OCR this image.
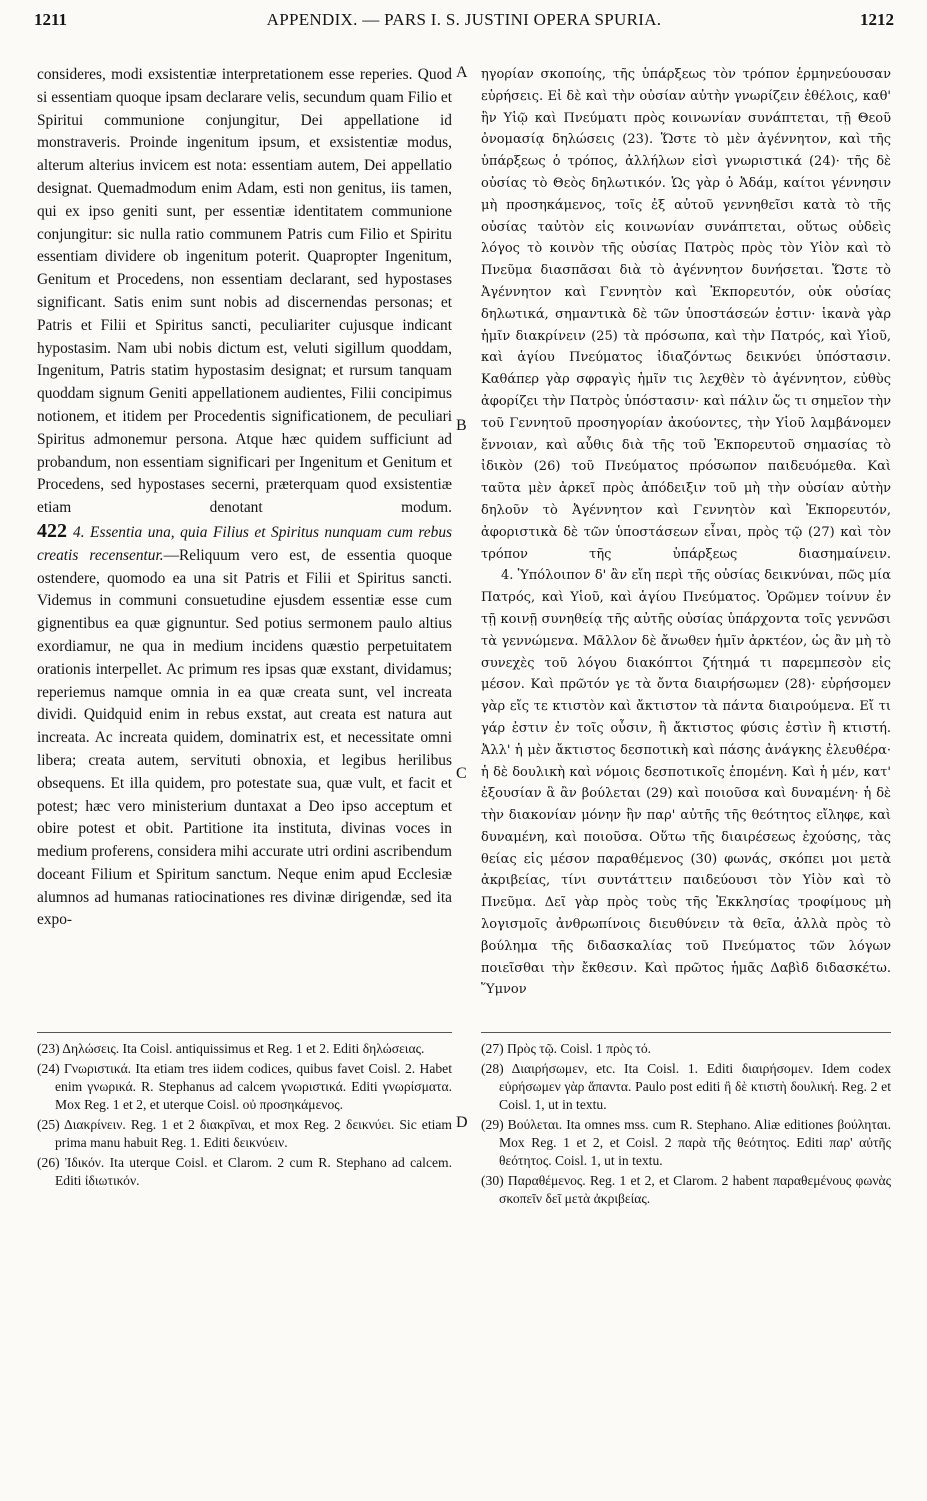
1211	APPENDIX. — PARS I. S. JUSTINI OPERA SPURIA.	1212

consideres, modi exsistentiæ interpretationem esse reperies. Quod si essentiam quoque ipsam declarare velis, secundum quam Filio et Spiritui communione conjungitur, Dei appellatione id monstraveris. Proinde ingenitum ipsum, et exsistentiæ modus, alterum alterius invicem est nota: essentiam autem, Dei appellatio designat. Quemadmodum enim Adam, esti non genitus, iis tamen, qui ex ipso geniti sunt, per essentiæ identitatem communione conjungitur: sic nulla ratio communem Patris cum Filio et Spiritu essentiam dividere ob ingenitum poterit. Quapropter Ingenitum, Genitum et Procedens, non essentiam declarant, sed hypostases significant. Satis enim sunt nobis ad discernendas personas; et Patris et Filii et Spiritus sancti, peculiariter cujusque indicant hypostasim. Nam ubi nobis dictum est, veluti sigillum quoddam, Ingenitum, Patris statim hypostasim designat; et rursum tanquam quoddam signum Geniti appellationem audientes, Filii concipimus notionem, et itidem per Procedentis significationem, de peculiari Spiritus admonemur persona. Atque hæc quidem sufficiunt ad probandum, non essentiam significari per Ingenitum et Genitum et Procedens, sed hypostases secerni, præterquam quod exsistentiæ etiam denotant modum.

422 4. Essentia una, quia Filius et Spiritus nunquam cum rebus creatis recensentur.—Reliquum vero est, de essentia quoque ostendere, quomodo ea una sit Patris et Filii et Spiritus sancti. Videmus in communi consuetudine ejusdem essentiæ esse cum gignentibus ea quæ gignuntur. Sed potius sermonem paulo altius exordiamur, ne qua in medium incidens quæstio perpetuitatem orationis interpellet. Ac primum res ipsas quæ exstant, dividamus; reperiemus namque omnia in ea quæ creata sunt, vel increata dividi. Quidquid enim in rebus exstat, aut creata est natura aut increata. Ac increata quidem, dominatrix est, et necessitate omni libera; creata autem, servituti obnoxia, et legibus herilibus obsequens. Et illa quidem, pro potestate sua, quæ vult, et facit et potest; hæc vero ministerium duntaxat a Deo ipso acceptum et obire potest et obit. Partitione ita instituta, divinas voces in medium proferens, considera mihi accurate utri ordini ascribendum doceant Filium et Spiritum sanctum. Neque enim apud Ecclesiæ alumnos ad humanas ratiocinationes res divinæ dirigendæ, sed ita expo-

A
B
C
D

ηγορίαν σκοποίης, τῆς ὑπάρξεως τὸν τρόπον ἑρμηνεύουσαν εὑρήσεις. Εἰ δὲ καὶ τὴν οὐσίαν αὐτὴν γνωρίζειν ἐθέλοις, καθ' ἣν Υἱῷ καὶ Πνεύματι πρὸς κοινωνίαν συνάπτεται, τῇ Θεοῦ ὀνομασίᾳ δηλώσεις (23). Ὥστε τὸ μὲν ἀγέννητον, καὶ τῆς ὑπάρξεως ὁ τρόπος, ἀλλήλων εἰσὶ γνωριστικά (24)· τῆς δὲ οὐσίας τὸ Θεὸς δηλωτικόν. Ὡς γὰρ ὁ Ἀδάμ, καίτοι γέννησιν μὴ προσηκάμενος, τοῖς ἐξ αὐτοῦ γεννηθεῖσι κατὰ τὸ τῆς οὐσίας ταὐτὸν εἰς κοινωνίαν συνάπτεται, οὕτως οὐδεὶς λόγος τὸ κοινὸν τῆς οὐσίας Πατρὸς πρὸς τὸν Υἱὸν καὶ τὸ Πνεῦμα διασπᾶσαι διὰ τὸ ἀγέννητον δυνήσεται. Ὥστε τὸ Ἀγέννητον καὶ Γεννητὸν καὶ Ἐκπορευτόν, οὐκ οὐσίας δηλωτικά, σημαντικὰ δὲ τῶν ὑποστάσεών ἐστιν· ἱκανὰ γὰρ ἡμῖν διακρίνειν (25) τὰ πρόσωπα, καὶ τὴν Πατρός, καὶ Υἱοῦ, καὶ ἁγίου Πνεύματος ἰδιαζόντως δεικνύει ὑπόστασιν. Καθάπερ γὰρ σφραγὶς ἡμῖν τις λεχθὲν τὸ ἀγέννητον, εὐθὺς ἀφορίζει τὴν Πατρὸς ὑπόστασιν· καὶ πάλιν ὥς τι σημεῖον τὴν τοῦ Γεννητοῦ προσηγορίαν ἀκούοντες, τὴν Υἱοῦ λαμβάνομεν ἔννοιαν, καὶ αὖθις διὰ τῆς τοῦ Ἐκπορευτοῦ σημασίας τὸ ἰδικὸν (26) τοῦ Πνεύματος πρόσωπον παιδευόμεθα. Καὶ ταῦτα μὲν ἀρκεῖ πρὸς ἀπόδειξιν τοῦ μὴ τὴν οὐσίαν αὐτὴν δηλοῦν τὸ Ἀγέννητον καὶ Γεννητὸν καὶ Ἐκπορευτόν, ἀφοριστικὰ δὲ τῶν ὑποστάσεων εἶναι, πρὸς τῷ (27) καὶ τὸν τρόπον τῆς ὑπάρξεως διασημαίνειν.

4. Ὑπόλοιπον δ' ἂν εἴη περὶ τῆς οὐσίας δεικνύναι, πῶς μία Πατρός, καὶ Υἱοῦ, καὶ ἁγίου Πνεύματος. Ὁρῶμεν τοίνυν ἐν τῇ κοινῇ συνηθείᾳ τῆς αὐτῆς οὐσίας ὑπάρχοντα τοῖς γεννῶσι τὰ γεννώμενα. Μᾶλλον δὲ ἄνωθεν ἡμῖν ἀρκτέον, ὡς ἂν μὴ τὸ συνεχὲς τοῦ λόγου διακόπτοι ζήτημά τι παρεμπεσὸν εἰς μέσον. Καὶ πρῶτόν γε τὰ ὄντα διαιρήσωμεν (28)· εὑρήσομεν γὰρ εἴς τε κτιστὸν καὶ ἄκτιστον τὰ πάντα διαιρούμενα. Εἴ τι γάρ ἐστιν ἐν τοῖς οὖσιν, ἢ ἄκτιστος φύσις ἐστὶν ἢ κτιστή. Ἀλλ' ἡ μὲν ἄκτιστος δεσποτικὴ καὶ πάσης ἀνάγκης ἐλευθέρα· ἡ δὲ δουλικὴ καὶ νόμοις δεσποτικοῖς ἑπομένη. Καὶ ἡ μέν, κατ' ἐξουσίαν ἃ ἂν βούλεται (29) καὶ ποιοῦσα καὶ δυναμένη· ἡ δὲ τὴν διακονίαν μόνην ἣν παρ' αὐτῆς τῆς θεότητος εἴληφε, καὶ δυναμένη, καὶ ποιοῦσα. Οὕτω τῆς διαιρέσεως ἐχούσης, τὰς θείας εἰς μέσον παραθέμενος (30) φωνάς, σκόπει μοι μετὰ ἀκριβείας, τίνι συντάττειν παιδεύουσι τὸν Υἱὸν καὶ τὸ Πνεῦμα. Δεῖ γὰρ πρὸς τοὺς τῆς Ἐκκλησίας τροφίμους μὴ λογισμοῖς ἀνθρωπίνοις διευθύνειν τὰ θεῖα, ἀλλὰ πρὸς τὸ βούλημα τῆς διδασκαλίας τοῦ Πνεύματος τῶν λόγων ποιεῖσθαι τὴν ἔκθεσιν. Καὶ πρῶτος ἡμᾶς Δαβὶδ διδασκέτω. Ὕμνον

(23) Δηλώσεις. Ita Coisl. antiquissimus et Reg. 1 et 2. Editi δηλώσειας.

(24) Γνωριστικά. Ita etiam tres iidem codices, quibus favet Coisl. 2. Habet enim γνωρικά. R. Stephanus ad calcem γνωριστικά. Editi γνωρίσματα. Mox Reg. 1 et 2, et uterque Coisl. οὐ προσηκάμενος.

(25) Διακρίνειν. Reg. 1 et 2 διακρῖναι, et mox Reg. 2 δεικνύει. Sic etiam prima manu habuit Reg. 1. Editi δεικνύειν.

(26) Ἰδικόν. Ita uterque Coisl. et Clarom. 2 cum R. Stephano ad calcem. Editi ἰδιωτικόν.

(27) Πρὸς τῷ. Coisl. 1 πρὸς τό.

(28) Διαιρήσωμεν, etc. Ita Coisl. 1. Editi διαιρήσομεν. Idem codex εὑρήσωμεν γὰρ ἅπαντα. Paulo post editi ἢ δὲ κτιστὴ δουλική. Reg. 2 et Coisl. 1, ut in textu.

(29) Βούλεται. Ita omnes mss. cum R. Stephano. Aliæ editiones βούληται. Mox Reg. 1 et 2, et Coisl. 2 παρὰ τῆς θεότητος. Editi παρ' αὐτῆς θεότητος. Coisl. 1, ut in textu.

(30) Παραθέμενος. Reg. 1 et 2, et Clarom. 2 habent παραθεμένους φωνὰς σκοπεῖν δεῖ μετὰ ἀκριβείας.
